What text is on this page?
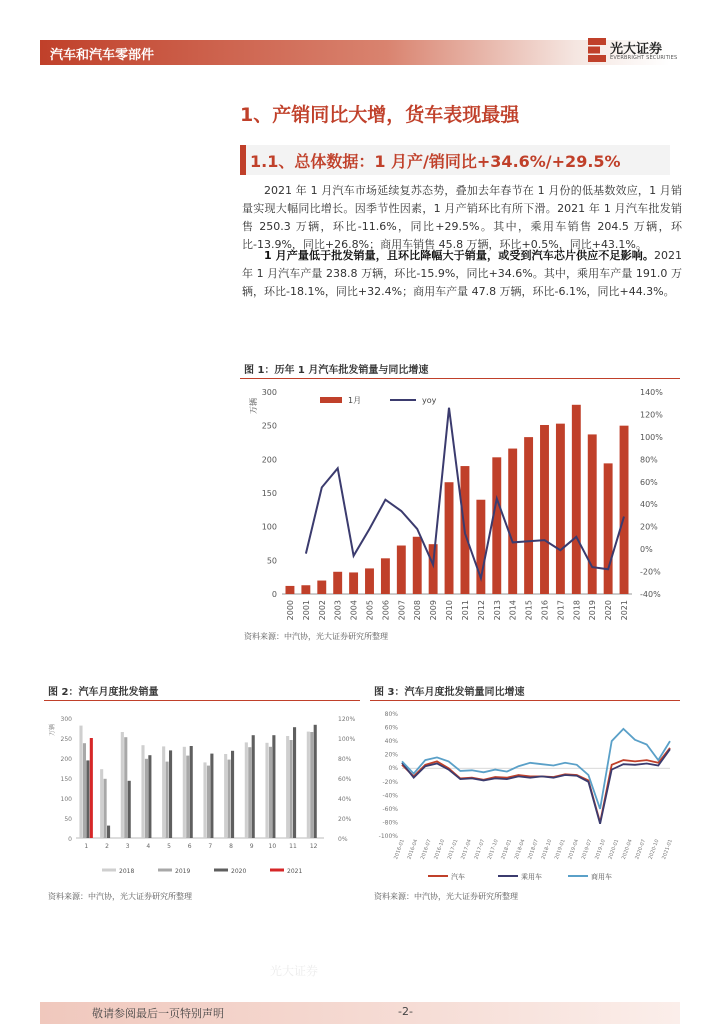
汽车和汽车零部件	光大证券
EVERBRIGHT SECURITIES
1、产销同比大增，货车表现最强
1.1、总体数据：1 月产/销同比+34.6%/+29.5%

2021 年 1 月汽车市场延续复苏态势，叠加去年春节在 1 月份的低基数效应，1 月销量实现大幅同比增长。因季节性因素，1 月产销环比有所下滑。2021 年 1 月汽车批发销售 250.3 万辆，环比-11.6%，同比+29.5%。其中，乘用车销售 204.5 万辆，环比-13.9%，同比+26.8%；商用车销售 45.8 万辆，环比+0.5%，同比+43.1%。

1 月产量低于批发销量，且环比降幅大于销量，或受到汽车芯片供应不足影响。2021 年 1 月汽车产量 238.8 万辆，环比-15.9%，同比+34.6%。其中，乘用车产量 191.0 万辆，环比-18.1%，同比+32.4%；商用车产量 47.8 万辆，环比-6.1%，同比+44.3%。

图 1：历年 1 月汽车批发销量与同比增速
0
50
100
150
200
250
300
-40%
-20%
0%
20%
40%
60%
80%
100%
120%
140%
万辆
2000 2001 2002 2003 2004 2005 2006 2007 2008 2009 2010 2011 2012 2013 2014 2015 2016 2017 2018 2019 2020 2021
1月	yoy
资料来源：中汽协，光大证券研究所整理
图 2：汽车月度批发销量
0
50
100
150
200
250
300
0%
20%
40%
60%
80%
100%
120%
万辆
1	2	3	4	5	6	7	8	9 10 11 12
2018	2019	2020	2021
资料来源：中汽协，光大证券研究所整理
图 3：汽车月度批发销量同比增速
80%
60%
40%
20%
0%
-20%
-40%
-60%
-80%
-100%
2016-01 2016-04 2016-07 2016-10 2017-01 2017-04 2017-07 2017-10 2018-01 2018-04 2018-07 2018-10 2019-01 2019-04 2019-07 2019-10 2020-01 2020-04 2020-07 2020-10 2021-01
汽车	乘用车	商用车
资料来源：中汽协，光大证券研究所整理
光大证券
敬请参阅最后一页特别声明	-2-
